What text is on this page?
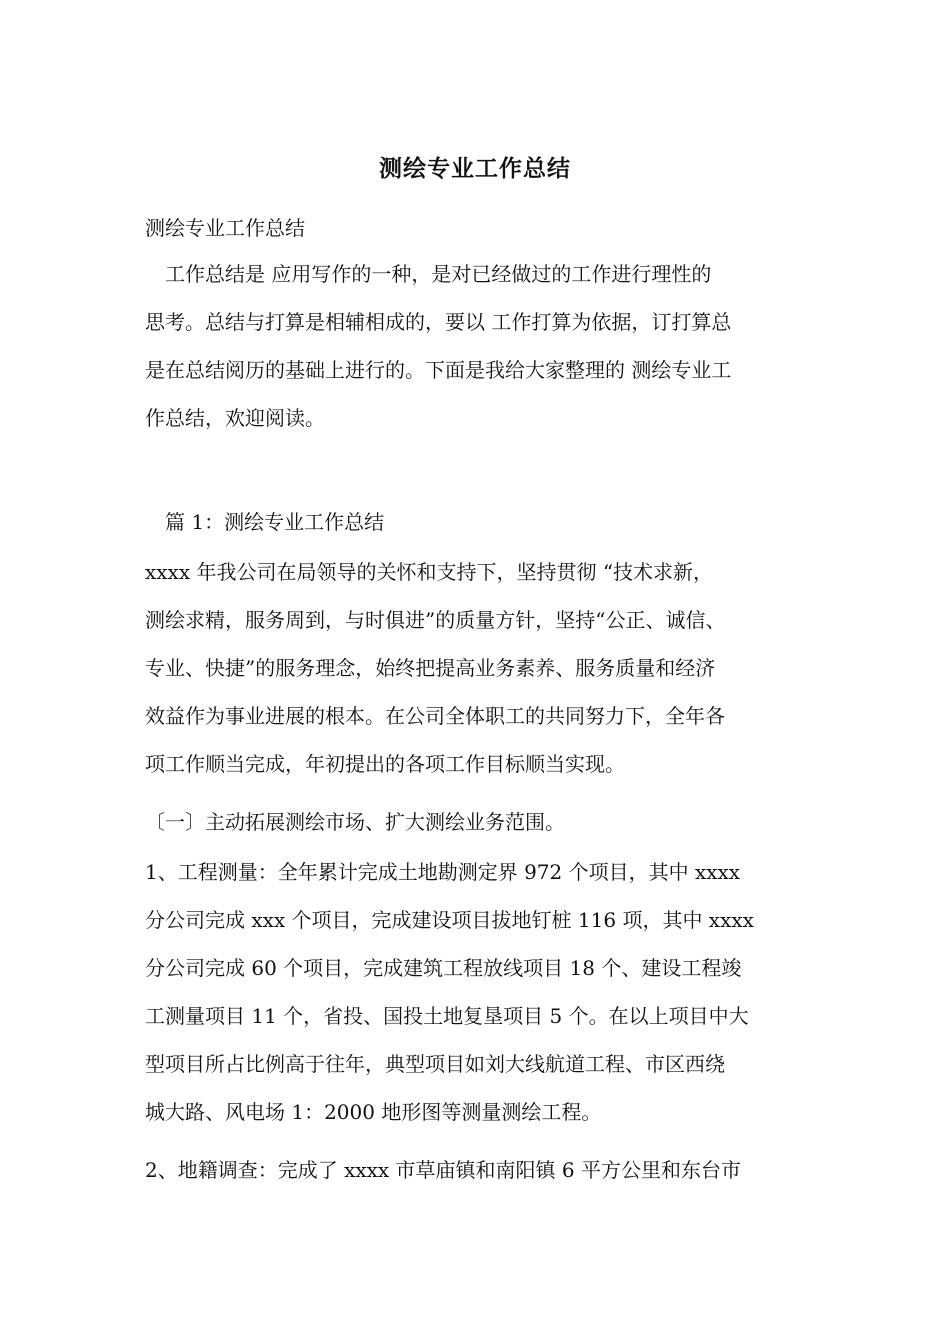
测绘专业工作总结
测绘专业工作总结
　工作总结是 应用写作的一种，是对已经做过的工作进行理性的
思考。总结与打算是相辅相成的，要以 工作打算为依据，订打算总
是在总结阅历的基础上进行的。下面是我给大家整理的 测绘专业工
作总结，欢迎阅读。
　篇 1：测绘专业工作总结
xxxx 年我公司在局领导的关怀和支持下，坚持贯彻 “技术求新，
测绘求精，服务周到，与时俱进”的质量方针，坚持“公正、诚信、
专业、快捷”的服务理念，始终把提高业务素养、服务质量和经济
效益作为事业进展的根本。在公司全体职工的共同努力下，全年各
项工作顺当完成，年初提出的各项工作目标顺当实现。
〔一〕主动拓展测绘市场、扩大测绘业务范围。
1、工程测量：全年累计完成土地勘测定界 972 个项目，其中 xxxx
分公司完成 xxx 个项目，完成建设项目拔地钉桩 116 项，其中 xxxx
分公司完成 60 个项目，完成建筑工程放线项目 18 个、建设工程竣
工测量项目 11 个，省投、国投土地复垦项目 5 个。在以上项目中大
型项目所占比例高于往年，典型项目如刘大线航道工程、市区西绕
城大路、风电场 1：2000 地形图等测量测绘工程。
2、地籍调查：完成了 xxxx 市草庙镇和南阳镇 6 平方公里和东台市
